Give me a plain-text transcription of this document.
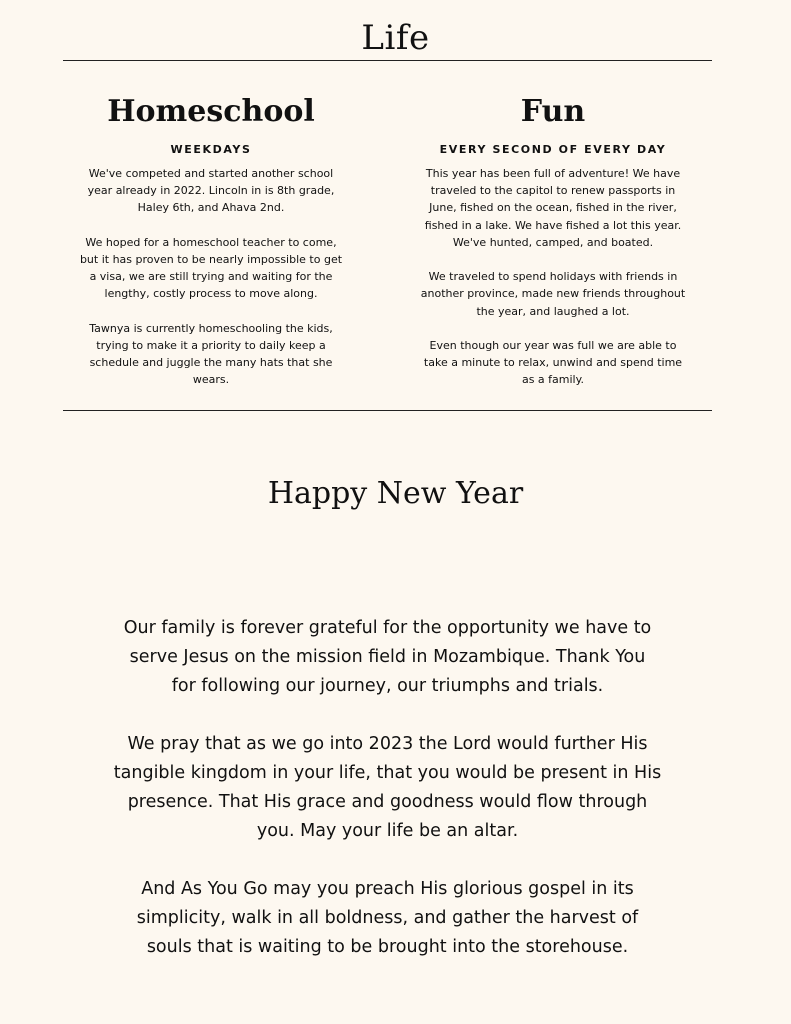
Life
Homeschool
WEEKDAYS
We've competed and started another school
year already in 2022. Lincoln in is 8th grade,
Haley 6th, and Ahava 2nd.

We hoped for a homeschool teacher to come,
but it has proven to be nearly impossible to get
a visa, we are still trying and waiting for the
lengthy, costly process to move along.

Tawnya is currently homeschooling the kids,
trying to make it a priority to daily keep a
schedule and juggle the many hats that she
wears.
Fun
EVERY SECOND OF EVERY DAY
This year has been full of adventure! We have
traveled to the capitol to renew passports in
June, fished on the ocean, fished in the river,
fished in a lake. We have fished a lot this year.
We've hunted, camped, and boated.

We traveled to spend holidays with friends in
another province, made new friends throughout
the year, and laughed a lot.

Even though our year was full we are able to
take a minute to relax, unwind and spend time
as a family.
Happy New Year
Our family is forever grateful for the opportunity we have to
serve Jesus on the mission field in Mozambique. Thank You
for following our journey, our triumphs and trials.

We pray that as we go into 2023 the Lord would further His
tangible kingdom in your life, that you would be present in His
presence. That His grace and goodness would flow through
you. May your life be an altar.

And As You Go may you preach His glorious gospel in its
simplicity, walk in all boldness, and gather the harvest of
souls that is waiting to be brought into the storehouse.
